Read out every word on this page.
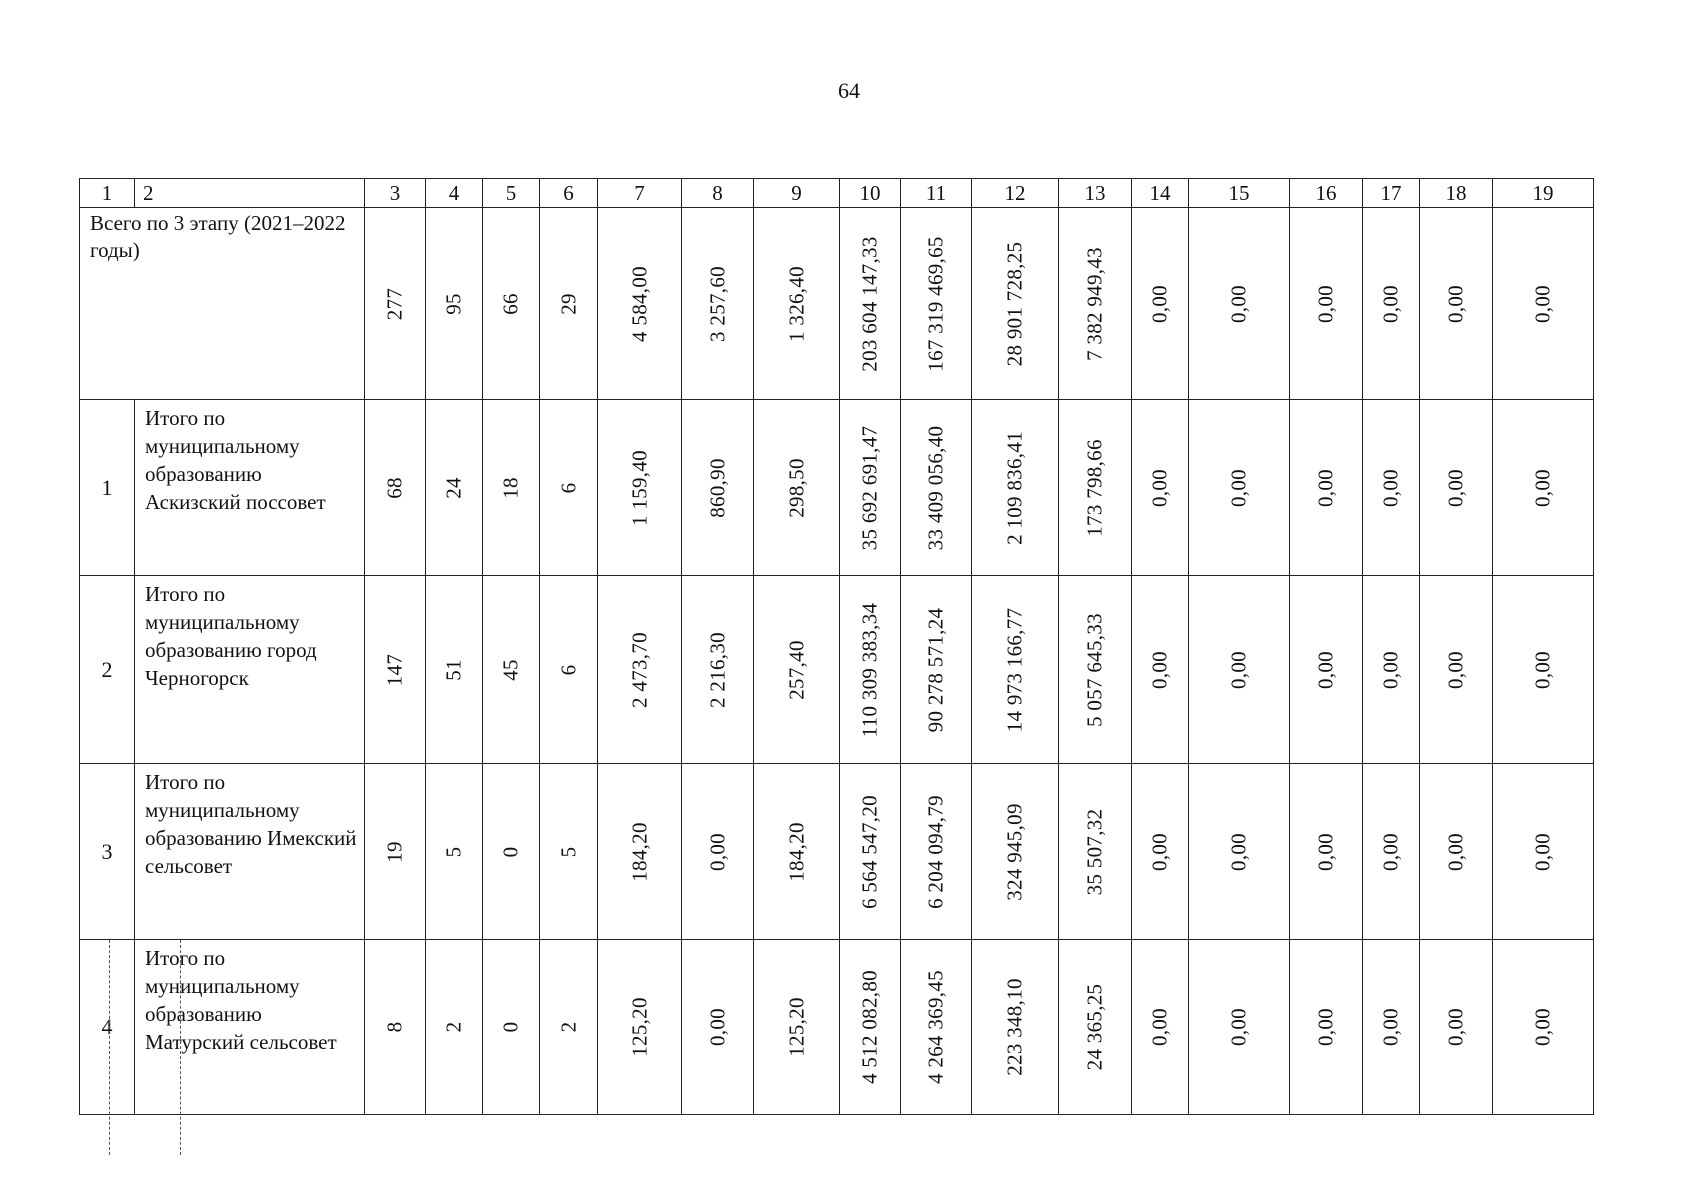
64
1	2	3	4	5	6	7	8	9	10	11	12	13	14	15	16	17	18	19
Всего по 3 этапу (2021–2022 годы)		277	95	66	29	4 584,00	3 257,60	1 326,40	203 604 147,33	167 319 469,65	28 901 728,25	7 382 949,43	0,00	0,00	0,00	0,00	0,00	0,00

1	Итого по муниципальному образованию Аскизский поссовет	68	24	18	6	1 159,40	860,90	298,50	35 692 691,47	33 409 056,40	2 109 836,41	173 798,66	0,00	0,00	0,00	0,00	0,00	0,00

2	Итого по муниципальному образованию город Черногорск	147	51	45	6	2 473,70	2 216,30	257,40	110 309 383,34	90 278 571,24	14 973 166,77	5 057 645,33	0,00	0,00	0,00	0,00	0,00	0,00

3	Итого по муниципальному образованию Имекский сельсовет	19	5	0	5	184,20	0,00	184,20	6 564 547,20	6 204 094,79	324 945,09	35 507,32	0,00	0,00	0,00	0,00	0,00	0,00

4	Итого по муниципальному образованию Матурский сельсовет	8	2	0	2	125,20	0,00	125,20	4 512 082,80	4 264 369,45	223 348,10	24 365,25	0,00	0,00	0,00	0,00	0,00	0,00
